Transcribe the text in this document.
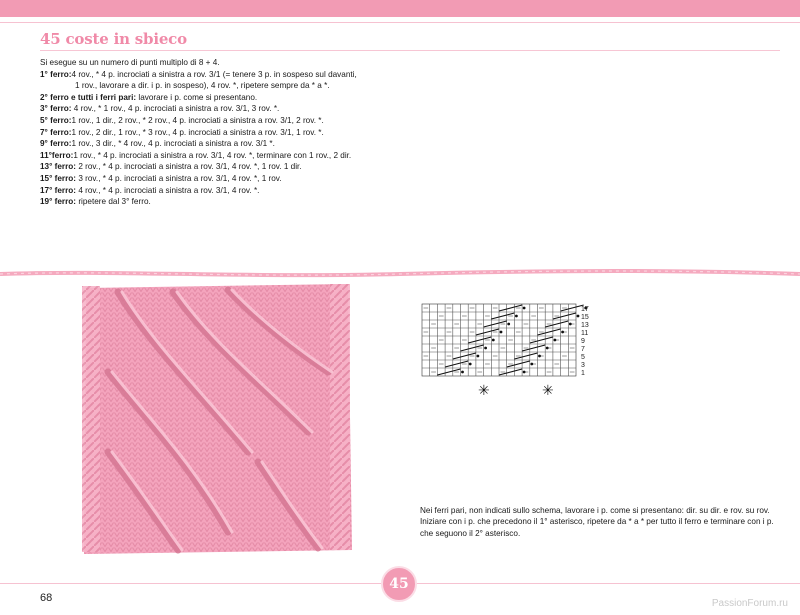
45 coste in sbieco
Si esegue su un numero di punti multiplo di 8 + 4.
1° ferro:4 rov., * 4 p. incrociati a sinistra a rov. 3/1 (= tenere 3 p. in sospeso sul davanti,
1 rov., lavorare a dir. i p. in sospeso), 4 rov. *, ripetere sempre da * a *.
2° ferro e tutti i ferri pari: lavorare i p. come si presentano.
3° ferro: 4 rov., * 1 rov., 4 p. incrociati a sinistra a rov. 3/1, 3 rov. *.
5° ferro:1 rov., 1 dir., 2 rov., * 2 rov., 4 p. incrociati a sinistra a rov. 3/1, 2 rov. *.
7° ferro:1 rov., 2 dir., 1 rov., * 3 rov., 4 p. incrociati a sinistra a rov. 3/1, 1 rov. *.
9° ferro:1 rov., 3 dir., * 4 rov., 4 p. incrociati a sinistra a rov. 3/1 *.
11°ferro:1 rov., * 4 p. incrociati a sinistra a rov. 3/1, 4 rov. *, terminare con 1 rov., 2 dir.
13° ferro: 2 rov., * 4 p. incrociati a sinistra a rov. 3/1, 4 rov. *, 1 rov. 1 dir.
15° ferro: 3 rov., * 4 p. incrociati a sinistra a rov. 3/1, 4 rov. *, 1 rov.
17° ferro: 4 rov., * 4 p. incrociati a sinistra a rov. 3/1, 4 rov. *.
19° ferro: ripetere dal 3° ferro.
17
15
13
11
9
7
5
3
1
✳	✳
Nei ferri pari, non indicati sullo schema, lavorare i p. come si presentano: dir. su dir. e rov. su rov.
Iniziare con i p. che precedono il 1° asterisco, ripetere da * a * per tutto il ferro e terminare con i p. che seguono il 2° asterisco.
68
45
PassionForum.ru
